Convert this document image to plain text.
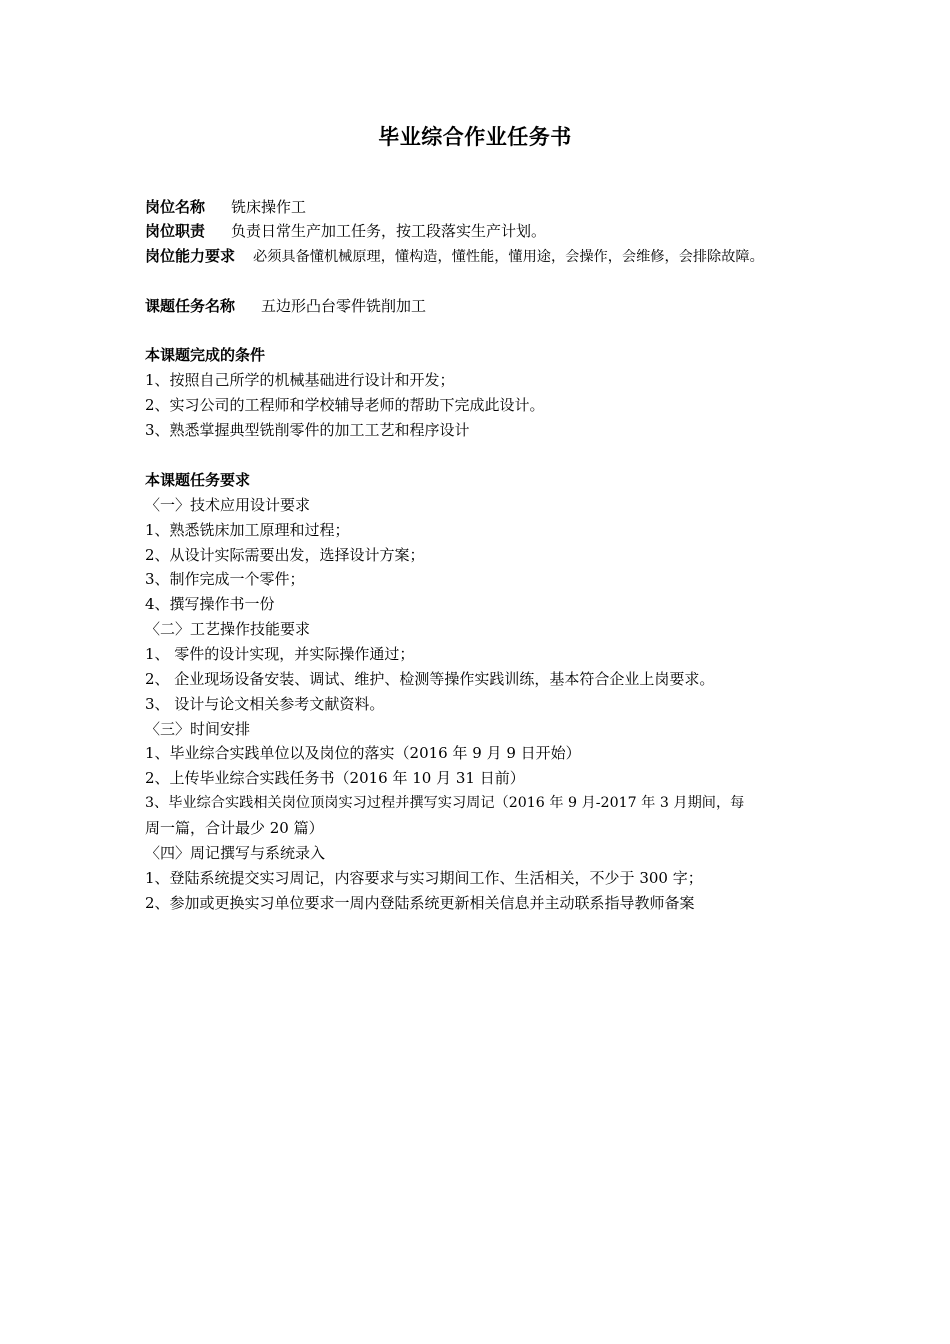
毕业综合作业任务书
岗位名称 铣床操作工
岗位职责 负责日常生产加工任务，按工段落实生产计划。
岗位能力要求 必须具备懂机械原理，懂构造，懂性能，懂用途，会操作，会维修，会排除故障。
课题任务名称 五边形凸台零件铣削加工
本课题完成的条件
1、按照自己所学的机械基础进行设计和开发；
2、实习公司的工程师和学校辅导老师的帮助下完成此设计。
3、熟悉掌握典型铣削零件的加工工艺和程序设计
本课题任务要求
〈一〉技术应用设计要求
1、熟悉铣床加工原理和过程；
2、从设计实际需要出发，选择设计方案；
3、制作完成一个零件；
4、撰写操作书一份
〈二〉工艺操作技能要求
1、 零件的设计实现，并实际操作通过；
2、 企业现场设备安装、调试、维护、检测等操作实践训练，基本符合企业上岗要求。
3、 设计与论文相关参考文献资料。
〈三〉时间安排
1、毕业综合实践单位以及岗位的落实（2016 年 9 月 9 日开始）
2、上传毕业综合实践任务书（2016 年 10 月 31 日前）
3、毕业综合实践相关岗位顶岗实习过程并撰写实习周记（2016 年 9 月-2017 年 3 月期间，每
周一篇，合计最少 20 篇）
〈四〉周记撰写与系统录入
1、登陆系统提交实习周记，内容要求与实习期间工作、生活相关，不少于 300 字；
2、参加或更换实习单位要求一周内登陆系统更新相关信息并主动联系指导教师备案
